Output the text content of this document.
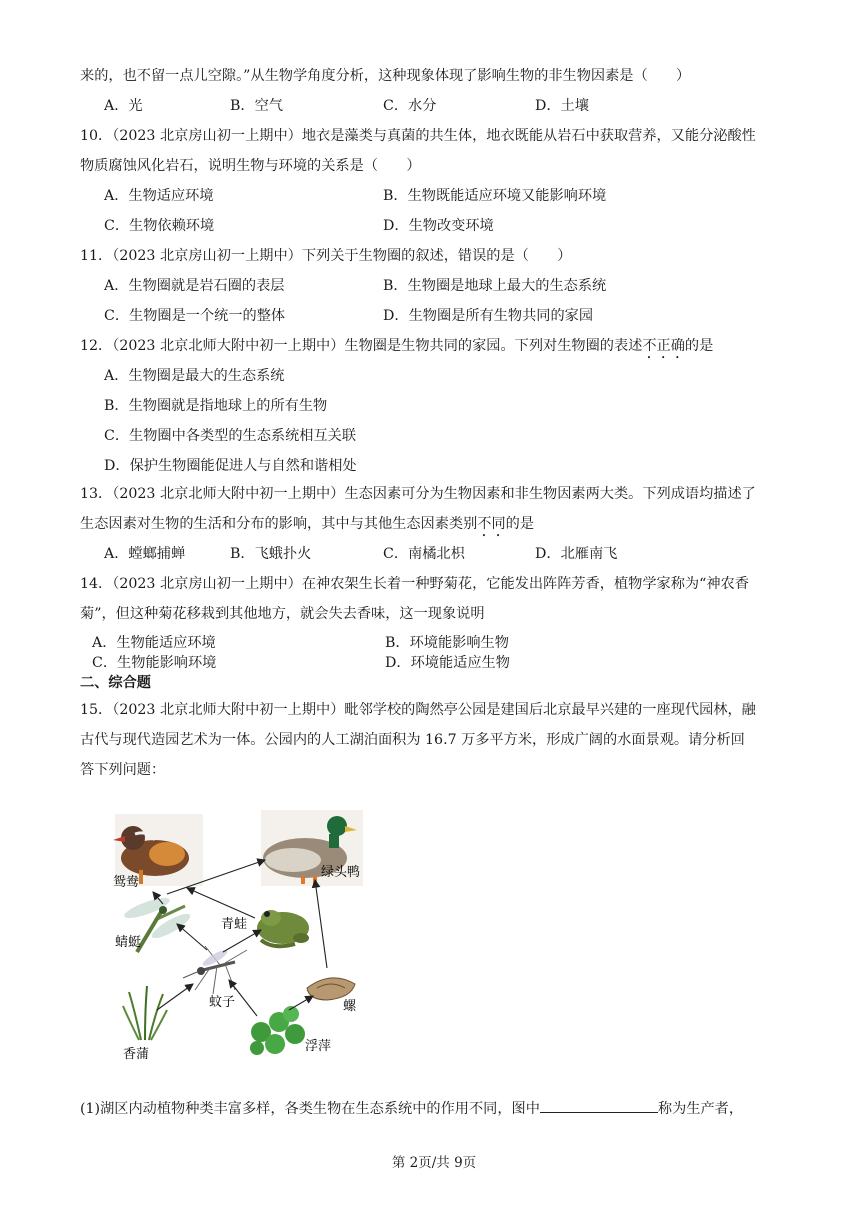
来的，也不留一点儿空隙。”从生物学角度分析，这种现象体现了影响生物的非生物因素是（　　）
A．光	B．空气	C．水分	D．土壤
10．（2023 北京房山初一上期中）地衣是藻类与真菌的共生体，地衣既能从岩石中获取营养，又能分泌酸性
物质腐蚀风化岩石，说明生物与环境的关系是（　　）
A．生物适应环境	B．生物既能适应环境又能影响环境
C．生物依赖环境	D．生物改变环境
11．（2023 北京房山初一上期中）下列关于生物圈的叙述，错误的是（　　）
A．生物圈就是岩石圈的表层	B．生物圈是地球上最大的生态系统
C．生物圈是一个统一的整体	D．生物圈是所有生物共同的家园
12．（2023 北京北师大附中初一上期中）生物圈是生物共同的家园。下列对生物圈的表述不正确的是
A．生物圈是最大的生态系统
B．生物圈就是指地球上的所有生物
C．生物圈中各类型的生态系统相互关联
D．保护生物圈能促进人与自然和谐相处
13．（2023 北京北师大附中初一上期中）生态因素可分为生物因素和非生物因素两大类。下列成语均描述了
生态因素对生物的生活和分布的影响，其中与其他生态因素类别不同的是
A．螳螂捕蝉	B．飞蛾扑火	C．南橘北枳	D．北雁南飞
14．（2023 北京房山初一上期中）在神农架生长着一种野菊花，它能发出阵阵芳香，植物学家称为“神农香
菊”，但这种菊花移栽到其他地方，就会失去香味，这一现象说明
A．生物能适应环境	B．环境能影响生物
C．生物能影响环境	D．环境能适应生物
二、综合题
15．（2023 北京北师大附中初一上期中）毗邻学校的陶然亭公园是建国后北京最早兴建的一座现代园林，融
古代与现代造园艺术为一体。公园内的人工湖泊面积为 16.7 万多平方米，形成广阔的水面景观。请分析回
答下列问题：
鸳鸯
绿头鸭
蜻蜓
青蛙
蚊子	螺
香蒲
浮萍
(1)湖区内动植物种类丰富多样，各类生物在生态系统中的作用不同，图中	称为生产者，
第 2页/共 9页
